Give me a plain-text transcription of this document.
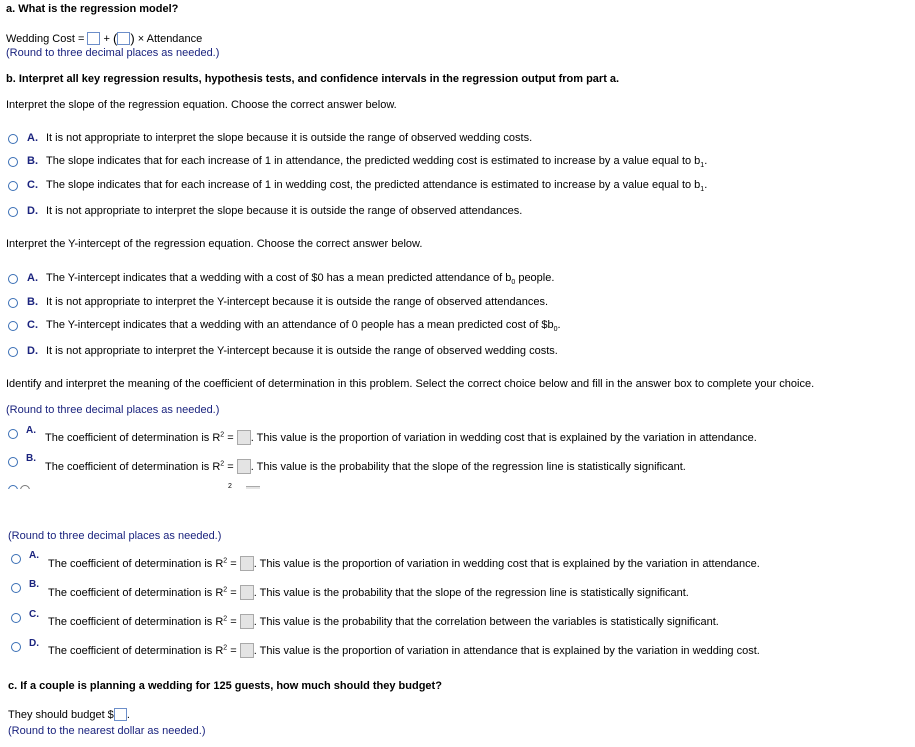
a. What is the regression model?
Wedding Cost = + ( ) × Attendance
(Round to three decimal places as needed.)
b. Interpret all key regression results, hypothesis tests, and confidence intervals in the regression output from part a.
Interpret the slope of the regression equation. Choose the correct answer below.
A. It is not appropriate to interpret the slope because it is outside the range of observed wedding costs.
B. The slope indicates that for each increase of 1 in attendance, the predicted wedding cost is estimated to increase by a value equal to $b_1$.
C. The slope indicates that for each increase of 1 in wedding cost, the predicted attendance is estimated to increase by a value equal to $b_1$.
D. It is not appropriate to interpret the slope because it is outside the range of observed attendances.
Interpret the Y-intercept of the regression equation. Choose the correct answer below.
A. The Y-intercept indicates that a wedding with a cost of $0 has a mean predicted attendance of $b_0$ people.
B. It is not appropriate to interpret the Y-intercept because it is outside the range of observed attendances.
C. The Y-intercept indicates that a wedding with an attendance of 0 people has a mean predicted cost of $\$b_0$.
D. It is not appropriate to interpret the Y-intercept because it is outside the range of observed wedding costs.
Identify and interpret the meaning of the coefficient of determination in this problem. Select the correct choice below and fill in the answer box to complete your choice.
(Round to three decimal places as needed.)
A.
The coefficient of determination is $R^2$ = . This value is the proportion of variation in wedding cost that is explained by the variation in attendance.
B.
The coefficient of determination is $R^2$ = . This value is the probability that the slope of the regression line is statistically significant.
2
(Round to three decimal places as needed.)
A.
The coefficient of determination is $R^2$ = . This value is the proportion of variation in wedding cost that is explained by the variation in attendance.
B.
The coefficient of determination is $R^2$ = . This value is the probability that the slope of the regression line is statistically significant.
C.
The coefficient of determination is $R^2$ = . This value is the probability that the correlation between the variables is statistically significant.
D.
The coefficient of determination is $R^2$ = . This value is the proportion of variation in attendance that is explained by the variation in wedding cost.
c. If a couple is planning a wedding for 125 guests, how much should they budget?
They should budget $ .
(Round to the nearest dollar as needed.)
